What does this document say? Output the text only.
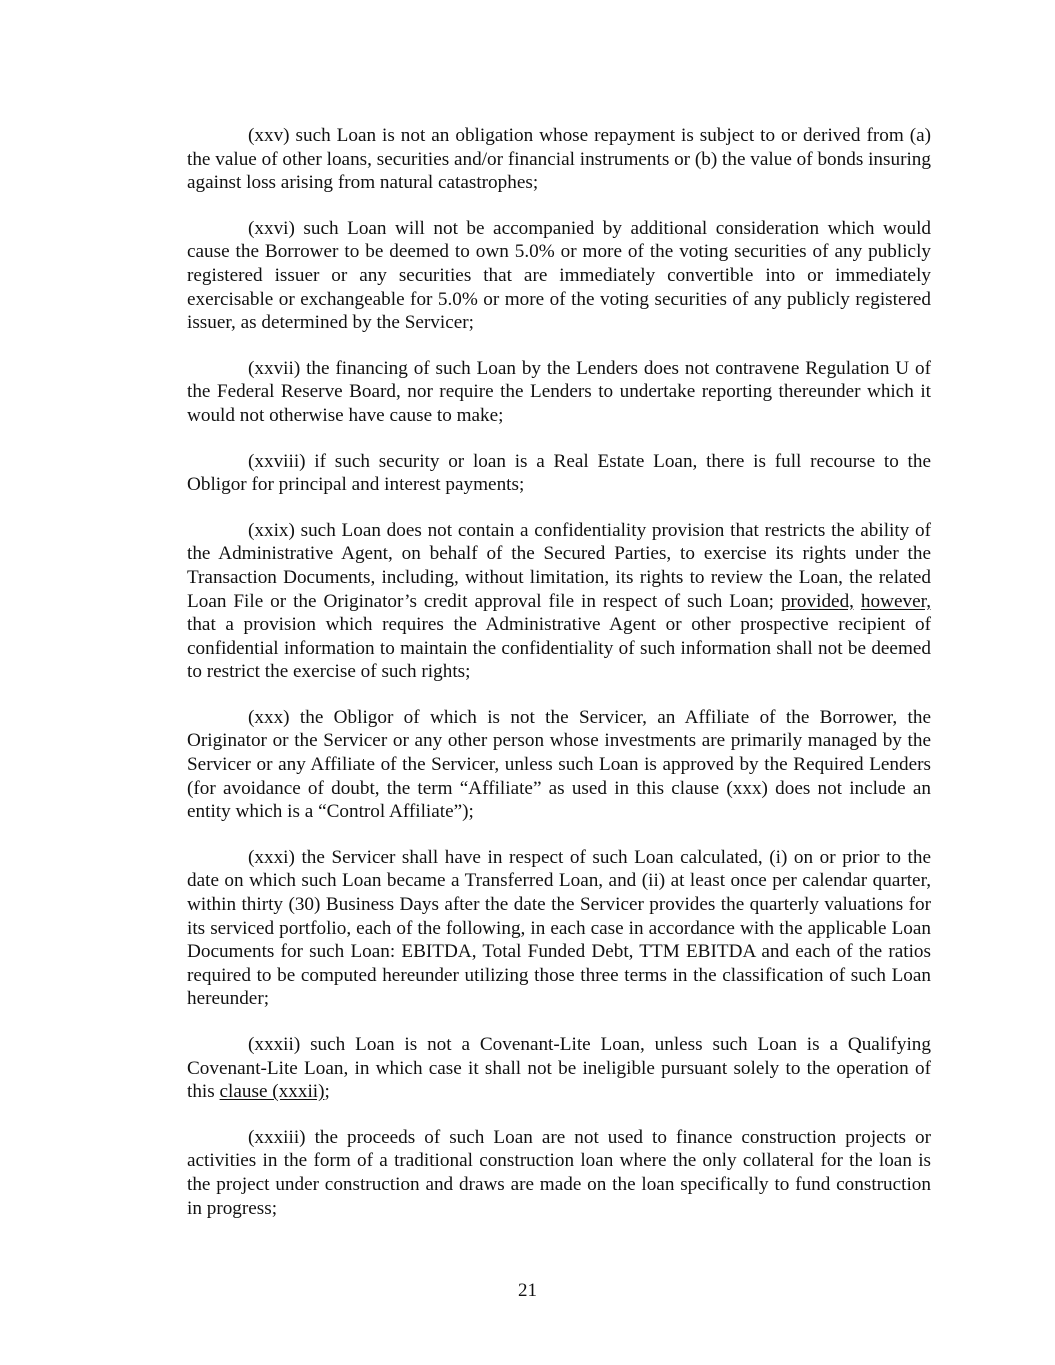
(xxv) such Loan is not an obligation whose repayment is subject to or derived from (a) the value of other loans, securities and/or financial instruments or (b) the value of bonds insuring against loss arising from natural catastrophes;

(xxvi) such Loan will not be accompanied by additional consideration which would cause the Borrower to be deemed to own 5.0% or more of the voting securities of any publicly registered issuer or any securities that are immediately convertible into or immediately exercisable or exchangeable for 5.0% or more of the voting securities of any publicly registered issuer, as determined by the Servicer;

(xxvii) the financing of such Loan by the Lenders does not contravene Regulation U of the Federal Reserve Board, nor require the Lenders to undertake reporting thereunder which it would not otherwise have cause to make;

(xxviii) if such security or loan is a Real Estate Loan, there is full recourse to the Obligor for principal and interest payments;

(xxix) such Loan does not contain a confidentiality provision that restricts the ability of the Administrative Agent, on behalf of the Secured Parties, to exercise its rights under the Transaction Documents, including, without limitation, its rights to review the Loan, the related Loan File or the Originator’s credit approval file in respect of such Loan; provided, however, that a provision which requires the Administrative Agent or other prospective recipient of confidential information to maintain the confidentiality of such information shall not be deemed to restrict the exercise of such rights;

(xxx) the Obligor of which is not the Servicer, an Affiliate of the Borrower, the Originator or the Servicer or any other person whose investments are primarily managed by the Servicer or any Affiliate of the Servicer, unless such Loan is approved by the Required Lenders (for avoidance of doubt, the term “Affiliate” as used in this clause (xxx) does not include an entity which is a “Control Affiliate”);

(xxxi) the Servicer shall have in respect of such Loan calculated, (i) on or prior to the date on which such Loan became a Transferred Loan, and (ii) at least once per calendar quarter, within thirty (30) Business Days after the date the Servicer provides the quarterly valuations for its serviced portfolio, each of the following, in each case in accordance with the applicable Loan Documents for such Loan: EBITDA, Total Funded Debt, TTM EBITDA and each of the ratios required to be computed hereunder utilizing those three terms in the classification of such Loan hereunder;

(xxxii) such Loan is not a Covenant-Lite Loan, unless such Loan is a Qualifying Covenant-Lite Loan, in which case it shall not be ineligible pursuant solely to the operation of this clause (xxxii);

(xxxiii) the proceeds of such Loan are not used to finance construction projects or activities in the form of a traditional construction loan where the only collateral for the loan is the project under construction and draws are made on the loan specifically to fund construction in progress;

21
